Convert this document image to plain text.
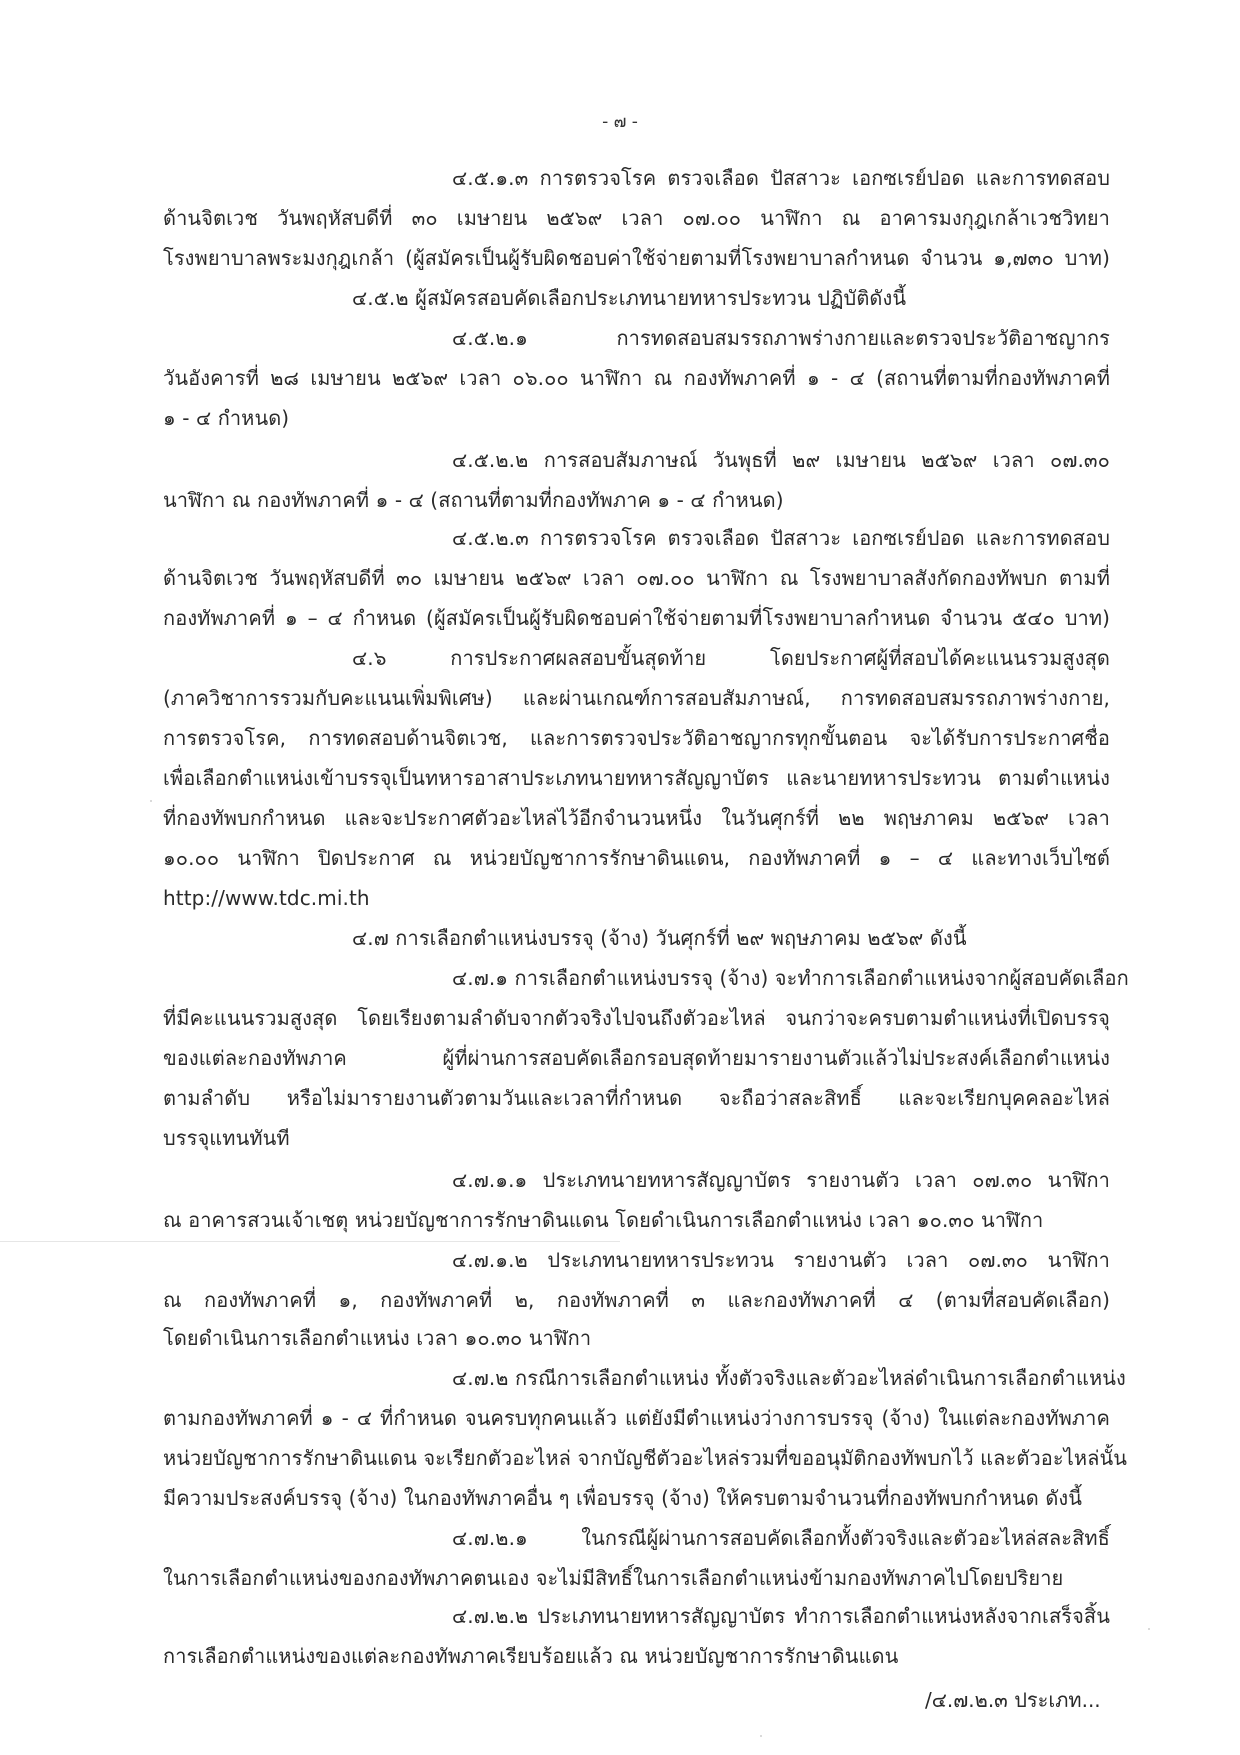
- ๗ -
๔.๕.๑.๓ การตรวจโรค ตรวจเลือด ปัสสาวะ เอกซเรย์ปอด และการทดสอบ
ด้านจิตเวช วันพฤหัสบดีที่ ๓๐ เมษายน ๒๕๖๙ เวลา ๐๗.๐๐ นาฬิกา ณ อาคารมงกุฎเกล้าเวชวิทยา
โรงพยาบาลพระมงกุฎเกล้า (ผู้สมัครเป็นผู้รับผิดชอบค่าใช้จ่ายตามที่โรงพยาบาลกำหนด จำนวน ๑,๗๓๐ บาท)
๔.๕.๒ ผู้สมัครสอบคัดเลือกประเภทนายทหารประทวน ปฏิบัติดังนี้
๔.๕.๒.๑ การทดสอบสมรรถภาพร่างกายและตรวจประวัติอาชญากร
วันอังคารที่ ๒๘ เมษายน ๒๕๖๙ เวลา ๐๖.๐๐ นาฬิกา ณ กองทัพภาคที่ ๑ - ๔ (สถานที่ตามที่กองทัพภาคที่
๑ - ๔ กำหนด)
๔.๕.๒.๒ การสอบสัมภาษณ์ วันพุธที่ ๒๙ เมษายน ๒๕๖๙ เวลา ๐๗.๓๐
นาฬิกา ณ กองทัพภาคที่ ๑ - ๔ (สถานที่ตามที่กองทัพภาค ๑ - ๔ กำหนด)
๔.๕.๒.๓ การตรวจโรค ตรวจเลือด ปัสสาวะ เอกซเรย์ปอด และการทดสอบ
ด้านจิตเวช วันพฤหัสบดีที่ ๓๐ เมษายน ๒๕๖๙ เวลา ๐๗.๐๐ นาฬิกา ณ โรงพยาบาลสังกัดกองทัพบก ตามที่
กองทัพภาคที่ ๑ – ๔ กำหนด (ผู้สมัครเป็นผู้รับผิดชอบค่าใช้จ่ายตามที่โรงพยาบาลกำหนด จำนวน ๕๔๐ บาท)
๔.๖ การประกาศผลสอบขั้นสุดท้าย โดยประกาศผู้ที่สอบได้คะแนนรวมสูงสุด
(ภาควิชาการรวมกับคะแนนเพิ่มพิเศษ) และผ่านเกณฑ์การสอบสัมภาษณ์, การทดสอบสมรรถภาพร่างกาย,
การตรวจโรค, การทดสอบด้านจิตเวช, และการตรวจประวัติอาชญากรทุกขั้นตอน จะได้รับการประกาศชื่อ
เพื่อเลือกตำแหน่งเข้าบรรจุเป็นทหารอาสาประเภทนายทหารสัญญาบัตร และนายทหารประทวน ตามตำแหน่ง
ที่กองทัพบกกำหนด และจะประกาศตัวอะไหล่ไว้อีกจำนวนหนึ่ง ในวันศุกร์ที่ ๒๒ พฤษภาคม ๒๕๖๙ เวลา
๑๐.๐๐ นาฬิกา ปิดประกาศ ณ หน่วยบัญชาการรักษาดินแดน, กองทัพภาคที่ ๑ – ๔ และทางเว็บไซต์
http://www.tdc.mi.th
๔.๗ การเลือกตำแหน่งบรรจุ (จ้าง) วันศุกร์ที่ ๒๙ พฤษภาคม ๒๕๖๙ ดังนี้
๔.๗.๑ การเลือกตำแหน่งบรรจุ (จ้าง) จะทำการเลือกตำแหน่งจากผู้สอบคัดเลือก
ที่มีคะแนนรวมสูงสุด โดยเรียงตามลำดับจากตัวจริงไปจนถึงตัวอะไหล่ จนกว่าจะครบตามตำแหน่งที่เปิดบรรจุ
ของแต่ละกองทัพภาค ผู้ที่ผ่านการสอบคัดเลือกรอบสุดท้ายมารายงานตัวแล้วไม่ประสงค์เลือกตำแหน่ง
ตามลำดับ หรือไม่มารายงานตัวตามวันและเวลาที่กำหนด จะถือว่าสละสิทธิ์ และจะเรียกบุคคลอะไหล่
บรรจุแทนทันที
๔.๗.๑.๑ ประเภทนายทหารสัญญาบัตร รายงานตัว เวลา ๐๗.๓๐ นาฬิกา
ณ อาคารสวนเจ้าเชตุ หน่วยบัญชาการรักษาดินแดน โดยดำเนินการเลือกตำแหน่ง เวลา ๑๐.๓๐ นาฬิกา
๔.๗.๑.๒ ประเภทนายทหารประทวน รายงานตัว เวลา ๐๗.๓๐ นาฬิกา
ณ กองทัพภาคที่ ๑, กองทัพภาคที่ ๒, กองทัพภาคที่ ๓ และกองทัพภาคที่ ๔ (ตามที่สอบคัดเลือก)
โดยดำเนินการเลือกตำแหน่ง เวลา ๑๐.๓๐ นาฬิกา
๔.๗.๒ กรณีการเลือกตำแหน่ง ทั้งตัวจริงและตัวอะไหล่ดำเนินการเลือกตำแหน่ง
ตามกองทัพภาคที่ ๑ - ๔ ที่กำหนด จนครบทุกคนแล้ว แต่ยังมีตำแหน่งว่างการบรรจุ (จ้าง) ในแต่ละกองทัพภาค
หน่วยบัญชาการรักษาดินแดน จะเรียกตัวอะไหล่ จากบัญชีตัวอะไหล่รวมที่ขออนุมัติกองทัพบกไว้ และตัวอะไหล่นั้น
มีความประสงค์บรรจุ (จ้าง) ในกองทัพภาคอื่น ๆ เพื่อบรรจุ (จ้าง) ให้ครบตามจำนวนที่กองทัพบกกำหนด ดังนี้
๔.๗.๒.๑ ในกรณีผู้ผ่านการสอบคัดเลือกทั้งตัวจริงและตัวอะไหล่สละสิทธิ์
ในการเลือกตำแหน่งของกองทัพภาคตนเอง จะไม่มีสิทธิ์ในการเลือกตำแหน่งข้ามกองทัพภาคไปโดยปริยาย
๔.๗.๒.๒ ประเภทนายทหารสัญญาบัตร ทำการเลือกตำแหน่งหลังจากเสร็จสิ้น
การเลือกตำแหน่งของแต่ละกองทัพภาคเรียบร้อยแล้ว ณ หน่วยบัญชาการรักษาดินแดน
/๔.๗.๒.๓ ประเภท...
